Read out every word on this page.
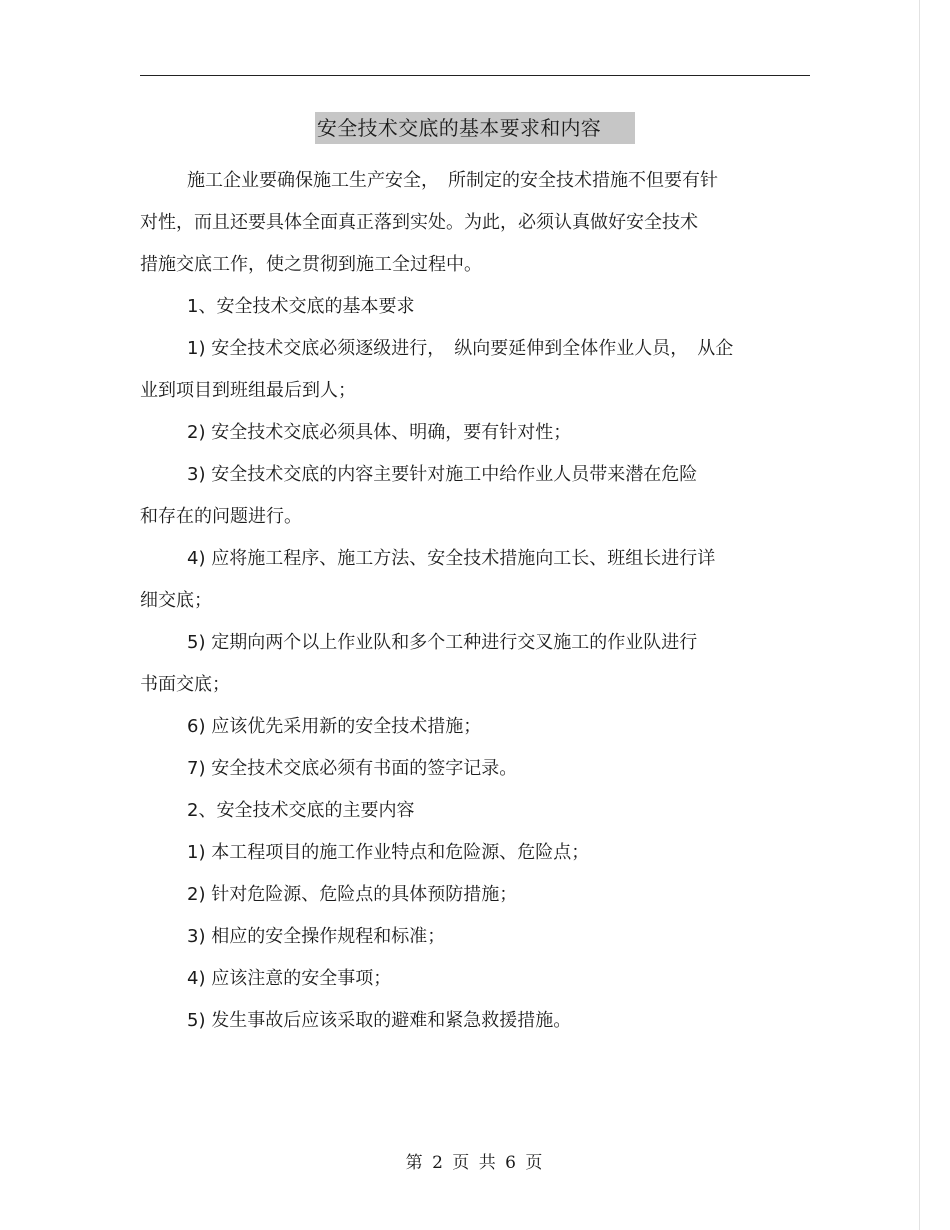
安全技术交底的基本要求和内容

施工企业要确保施工生产安全，　所制定的安全技术措施不但要有针

对性，而且还要具体全面真正落到实处。为此，必须认真做好安全技术

措施交底工作，使之贯彻到施工全过程中。

1、安全技术交底的基本要求

1) 安全技术交底必须逐级进行，　纵向要延伸到全体作业人员，　从企

业到项目到班组最后到人；

2) 安全技术交底必须具体、明确，要有针对性；

3) 安全技术交底的内容主要针对施工中给作业人员带来潜在危险

和存在的问题进行。

4) 应将施工程序、施工方法、安全技术措施向工长、班组长进行详

细交底；

5) 定期向两个以上作业队和多个工种进行交叉施工的作业队进行

书面交底；

6) 应该优先采用新的安全技术措施；

7) 安全技术交底必须有书面的签字记录。

2、安全技术交底的主要内容

1) 本工程项目的施工作业特点和危险源、危险点；

2) 针对危险源、危险点的具体预防措施；

3) 相应的安全操作规程和标准；

4) 应该注意的安全事项；

5) 发生事故后应该采取的避难和紧急救援措施。

第 2 页 共 6 页
